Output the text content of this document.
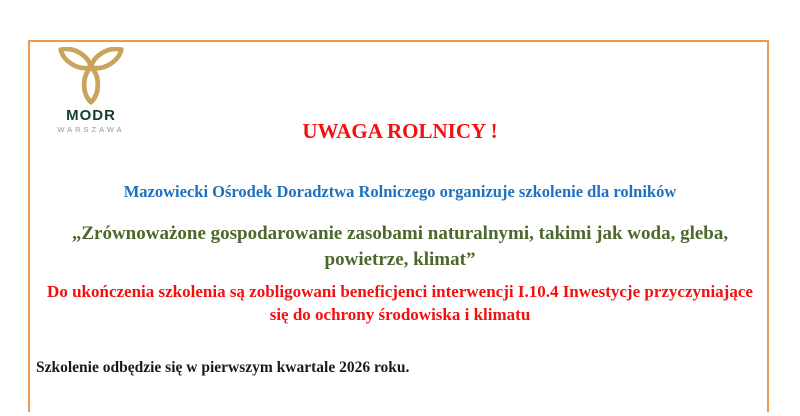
MODR
WARSZAWA	UWAGA ROLNICY !
Mazowiecki Ośrodek Doradztwa Rolniczego organizuje szkolenie dla rolników
„Zrównoważone gospodarowanie zasobami naturalnymi, takimi jak woda, gleba,
powietrze, klimat”
Do ukończenia szkolenia są zobligowani beneficjenci interwencji I.10.4 Inwestycje przyczyniające
się do ochrony środowiska i klimatu
Szkolenie odbędzie się w pierwszym kwartale 2026 roku.
